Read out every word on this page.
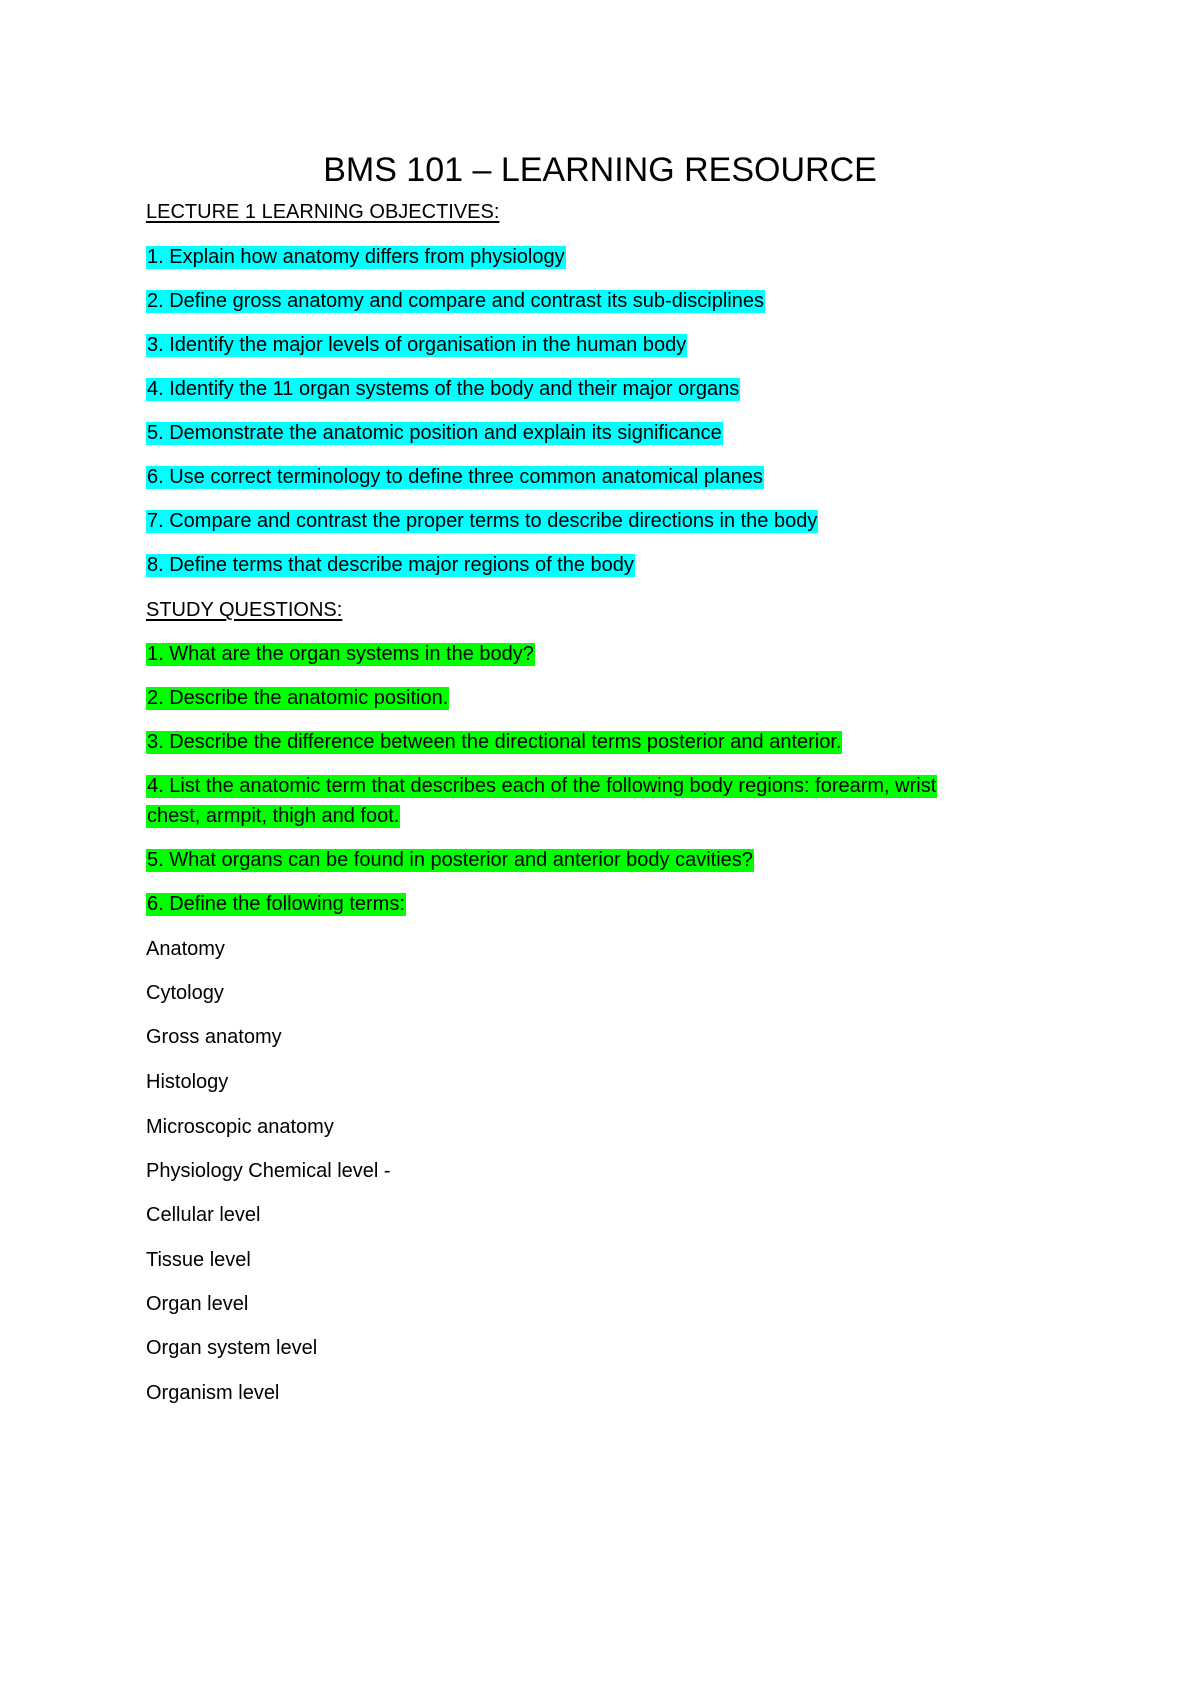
BMS 101 – LEARNING RESOURCE
LECTURE 1 LEARNING OBJECTIVES:
1. Explain how anatomy differs from physiology
2. Define gross anatomy and compare and contrast its sub-disciplines
3. Identify the major levels of organisation in the human body
4. Identify the 11 organ systems of the body and their major organs
5. Demonstrate the anatomic position and explain its significance
6. Use correct terminology to define three common anatomical planes
7. Compare and contrast the proper terms to describe directions in the body
8. Define terms that describe major regions of the body
STUDY QUESTIONS:
1. What are the organ systems in the body?
2. Describe the anatomic position.
3. Describe the difference between the directional terms posterior and anterior.
4. List the anatomic term that describes each of the following body regions: forearm, wrist
chest, armpit, thigh and foot.
5. What organs can be found in posterior and anterior body cavities?
6. Define the following terms:
Anatomy
Cytology
Gross anatomy
Histology
Microscopic anatomy
Physiology Chemical level -
Cellular level
Tissue level
Organ level
Organ system level
Organism level
